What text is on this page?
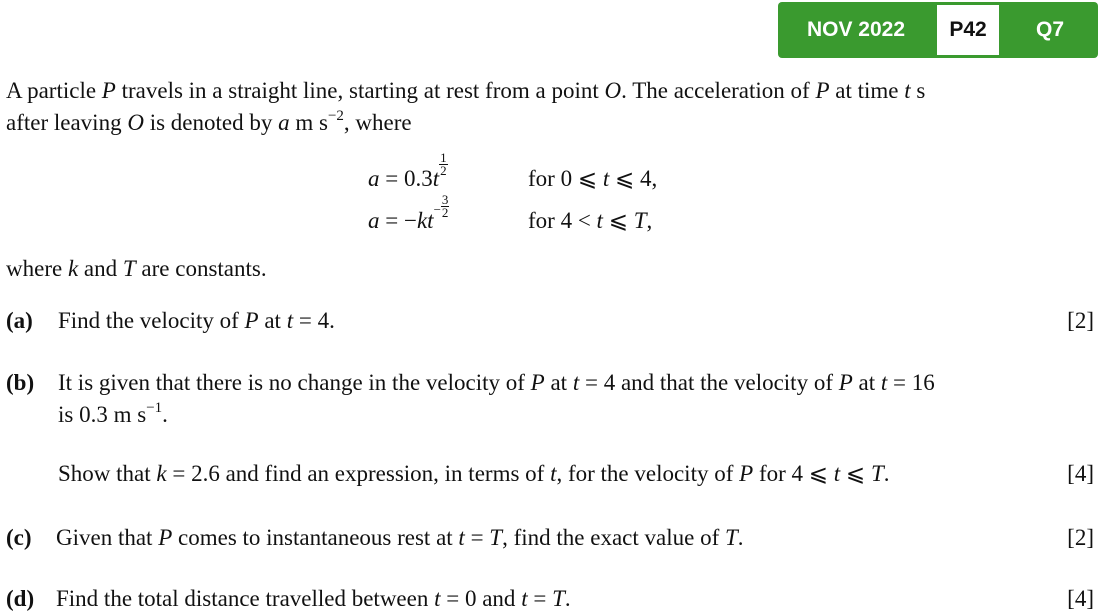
NOV 2022	P42	Q7
A particle P travels in a straight line, starting at rest from a point O. The acceleration of P at time t s
after leaving O is denoted by a m $s^{-2}$, where
a = 0.3t
$\frac{1}{2}$
for 0 ⩽ t ⩽ 4,
$a = -kt^- \frac{3}{2}$
for 4 < t ⩽ T,
where k and T are constants.
(a) Find the velocity of P at t = 4.	[2]
(b) It is given that there is no change in the velocity of P at t = 4 and that the velocity of P at t = 16
is 0.3 m $s^{-1}$.
Show that k = 2.6 and find an expression, in terms of t, for the velocity of P for 4 ⩽ t ⩽ T.	[4]
(c) Given that P comes to instantaneous rest at t = T, find the exact value of T.	[2]
(d) Find the total distance travelled between t = 0 and t = T.	[4]
